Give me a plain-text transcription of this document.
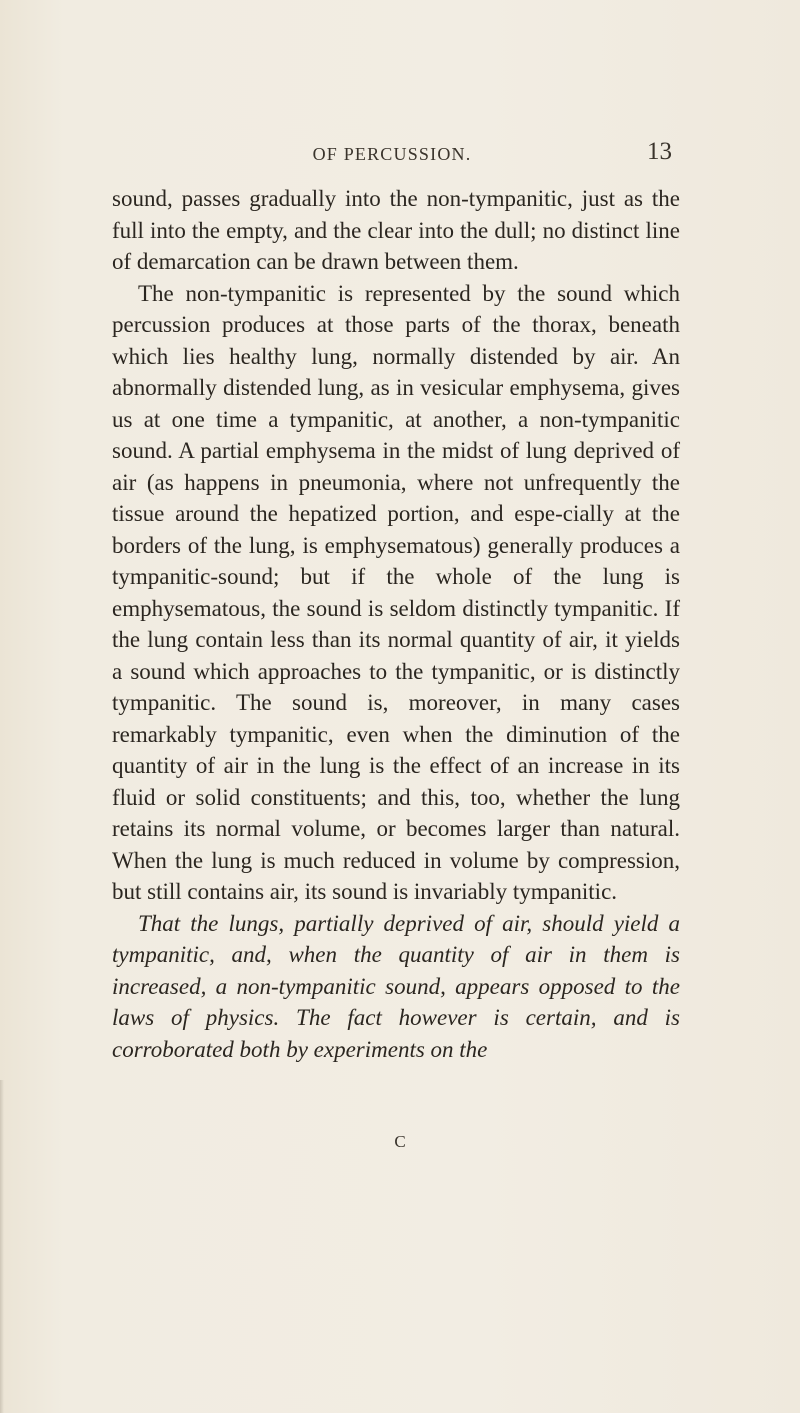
OF PERCUSSION.	13

sound, passes gradually into the non-tympanitic, just as the full into the empty, and the clear into the dull; no distinct line of demarcation can be drawn between them.

The non-tympanitic is represented by the sound which percussion produces at those parts of the thorax, beneath which lies healthy lung, normally distended by air. An abnormally distended lung, as in vesicular emphysema, gives us at one time a tympanitic, at another, a non-tympanitic sound. A partial emphysema in the midst of lung deprived of air (as happens in pneumonia, where not unfrequently the tissue around the hepatized portion, and espe-cially at the borders of the lung, is emphysematous) generally produces a tympanitic-sound; but if the whole of the lung is emphysematous, the sound is seldom distinctly tympanitic. If the lung contain less than its normal quantity of air, it yields a sound which approaches to the tympanitic, or is distinctly tympanitic. The sound is, moreover, in many cases remarkably tympanitic, even when the diminution of the quantity of air in the lung is the effect of an increase in its fluid or solid constituents; and this, too, whether the lung retains its normal volume, or becomes larger than natural. When the lung is much reduced in volume by compression, but still contains air, its sound is invariably tympanitic.

That the lungs, partially deprived of air, should yield a tympanitic, and, when the quantity of air in them is increased, a non-tympanitic sound, appears opposed to the laws of physics. The fact however is certain, and is corroborated both by experiments on the

C
